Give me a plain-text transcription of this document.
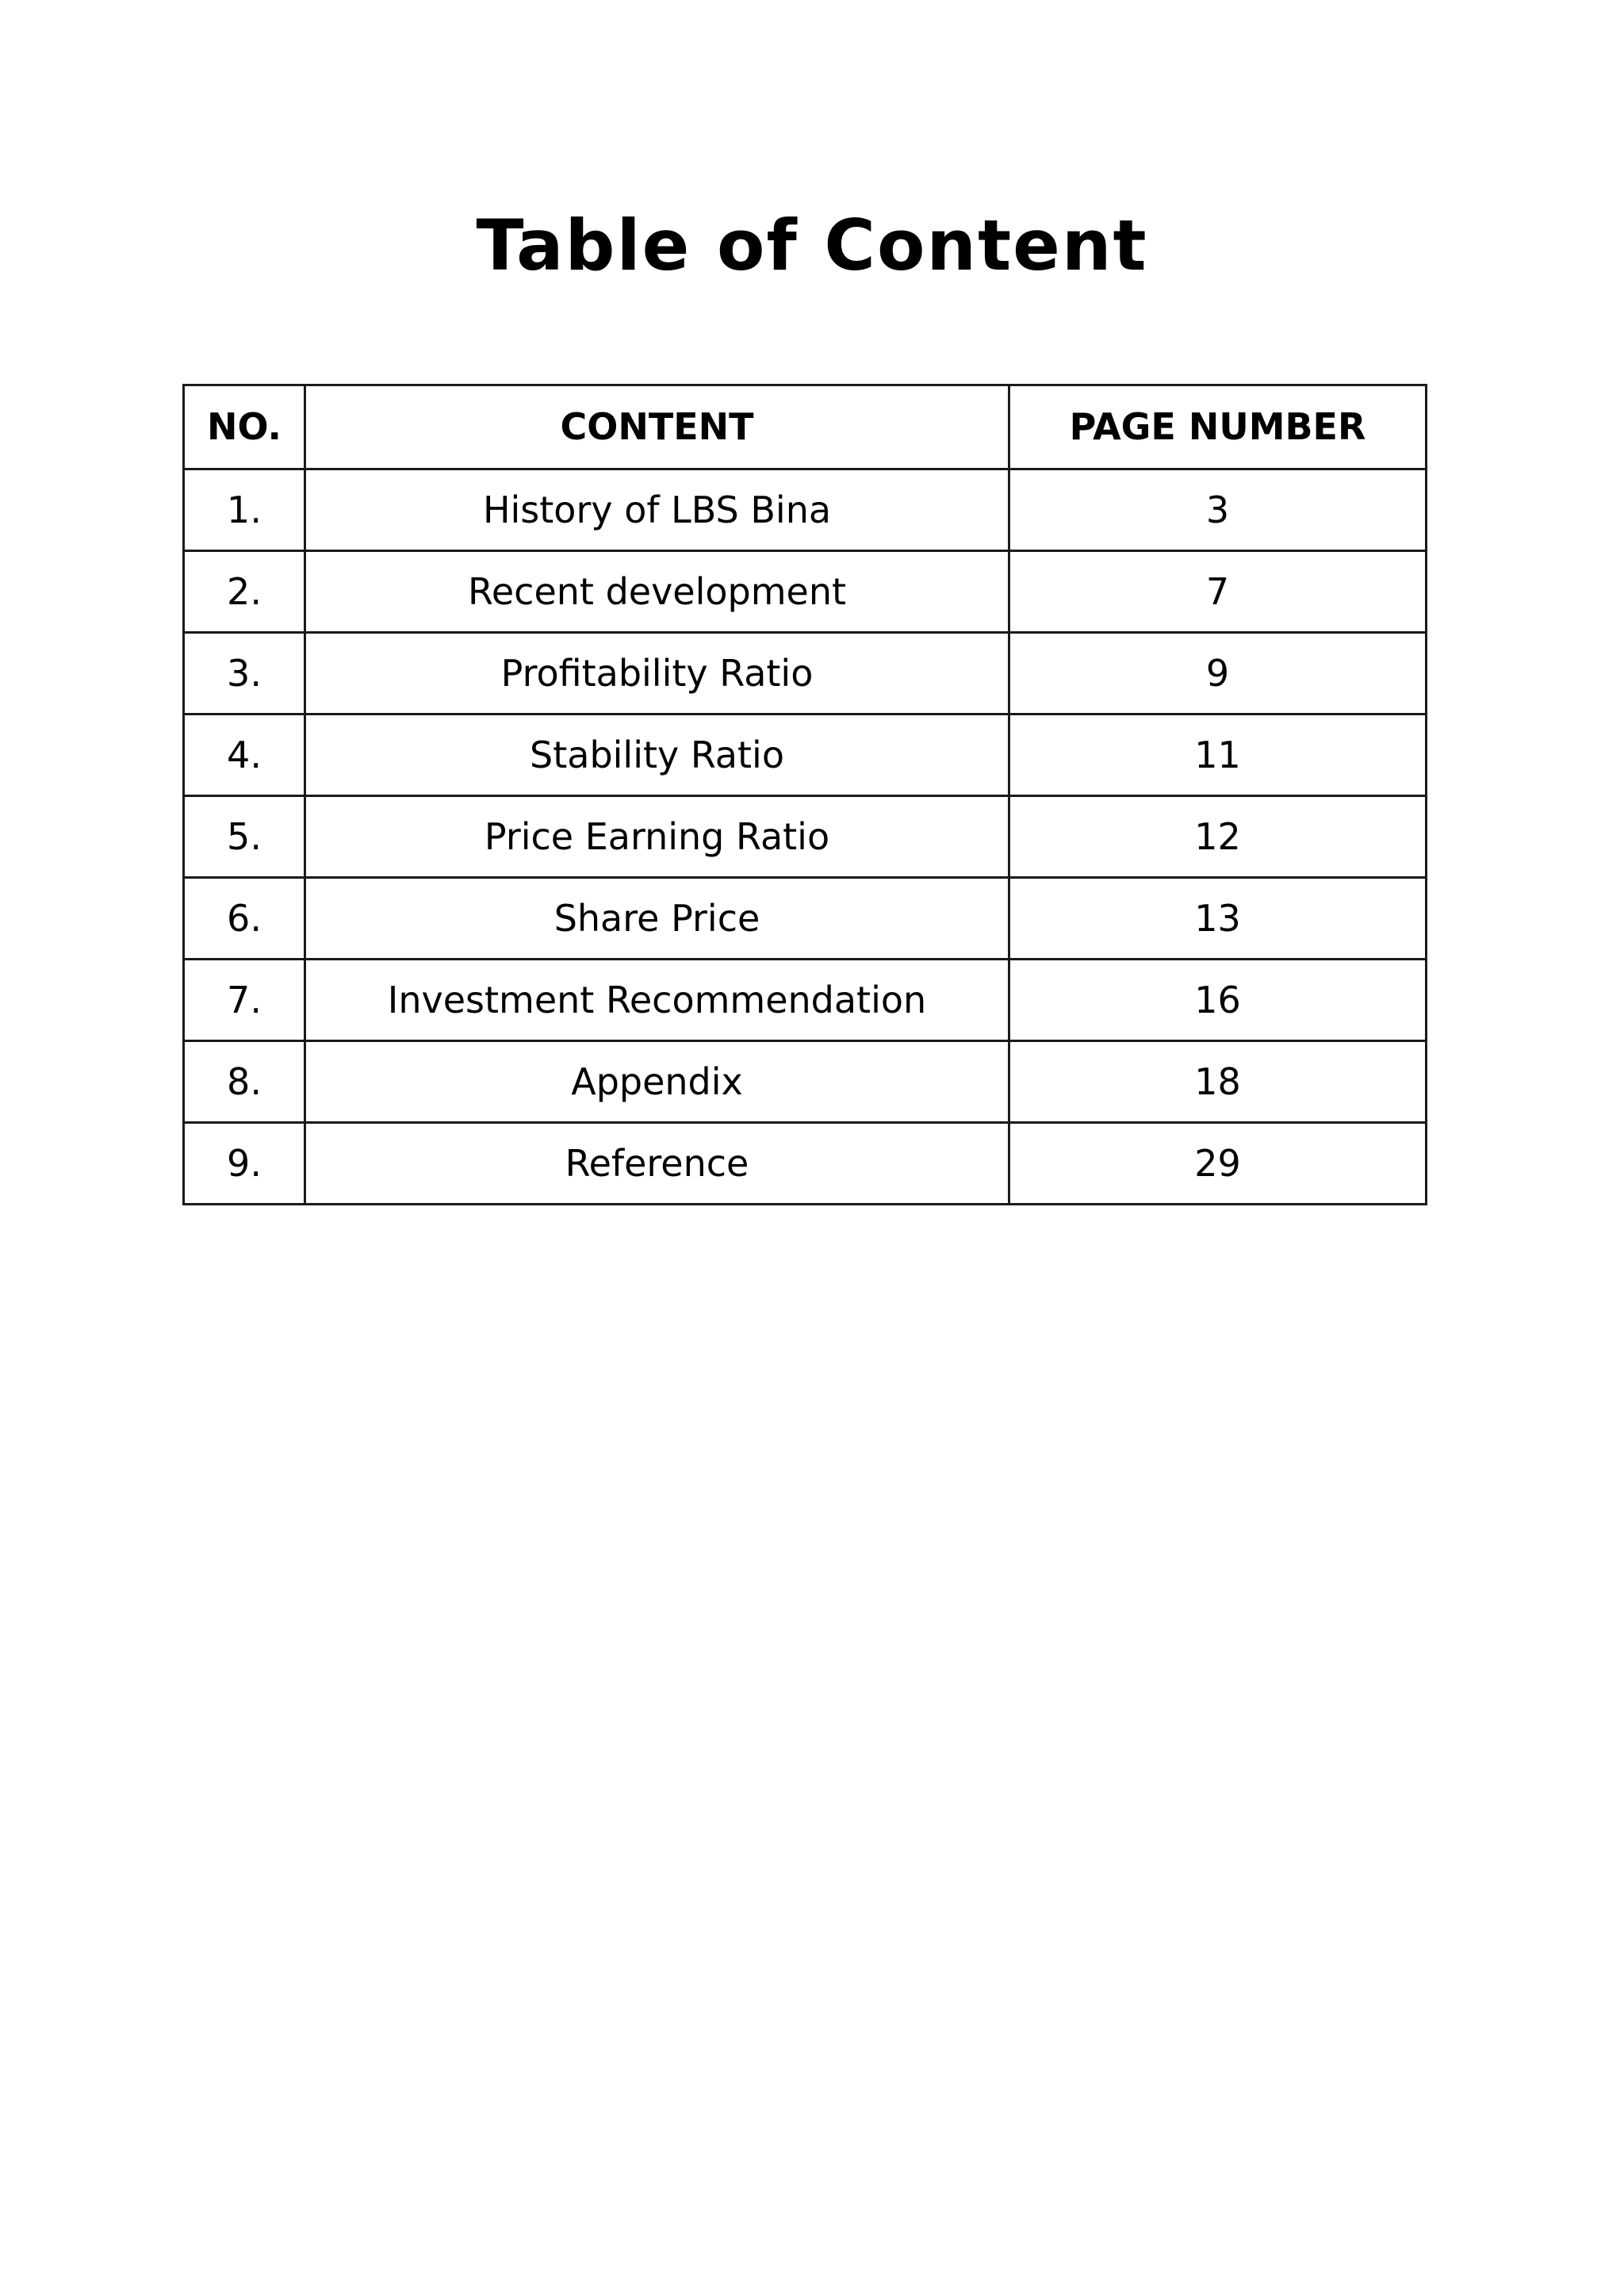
Table of Content
NO.	CONTENT	PAGE NUMBER
1.	History of LBS Bina	3
2.	Recent development	7
3.	Profitability Ratio	9
4.	Stability Ratio	11
5.	Price Earning Ratio	12
6.	Share Price	13
7.	Investment Recommendation	16
8.	Appendix	18
9.	Reference	29
